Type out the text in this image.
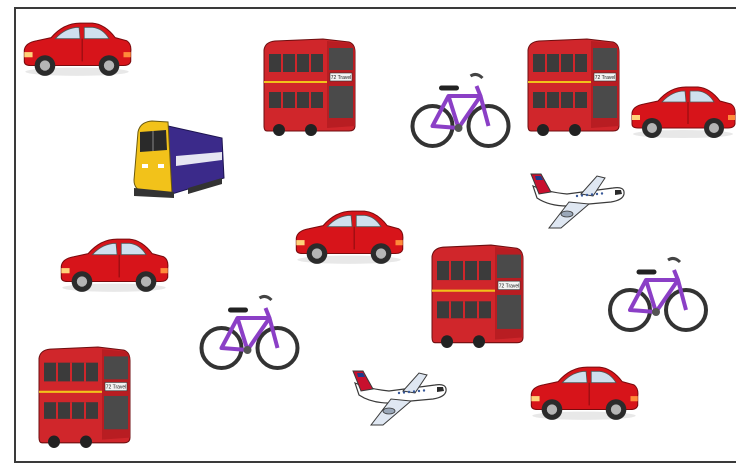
72 Travel	72 Travel
72 Travel
72 Travel
